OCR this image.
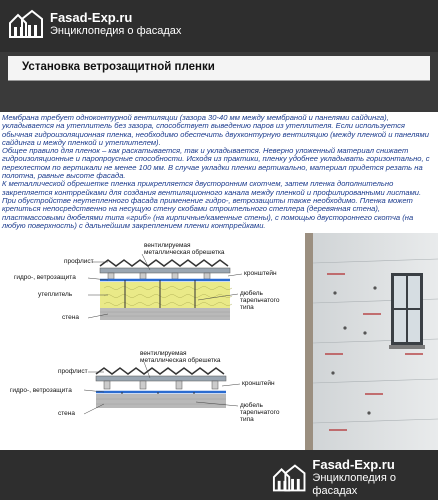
Fasad-Exp.ru
Энциклопедия о фасадах
Установка ветрозащитной пленки

Мембрана требует одноконтурной вентиляции (зазора 30-40 мм между мембраной и панелями сайдинга), укладывается на утеплитель без зазора, способствует выведению паров из утеплителя. Если используется обычная гидроизоляционная пленка, необходимо обеспечить двухконтурную вентиляцию (между пленкой и панелями сайдинга и между пленкой и утеплителем).

Общее правило для пленок – как раскатывается, так и укладывается. Неверно уложенный материал снижает гидроизоляционные и паропроусные способности. Исходя из практики, пленку удобнее укладывать горизонтально, с перехлестом по вертикали не менее 100 мм. В случае укладки пленки вертикально, материал придется резать на полотна, равные высоте фасада.

К металлической обрешетке пленка прикрепляется двусторонним скотчем, затем пленка дополнительно закрепляется контррейками для создания вентиляционного канала между пленкой и профилированными листами.

При обустройстве неутепленного фасада применение гидро-, ветрозащиты также необходимо. Пленка может крепиться непосредственно на несущую стену скобами строительного степлера (деревянная стена), пластмассовыми дюбелями типа «гриб» (на кирпичные/каменные стены), с помощью двустороннего скотча (на любую поверхность) с дальнейшим закреплением пленки контррейками.

вентилируемая металлическая обрешетка
профлист
кронштейн
гидро-, ветрозащита
утеплитель	дюбель тарельчатого типа
стена
вентилируемая металлическая обрешетка
профлист
кронштейн
гидро-, ветрозащита
дюбель тарельчатого типа
стена
Fasad-Exp.ru
Энциклопедия о фасадах
